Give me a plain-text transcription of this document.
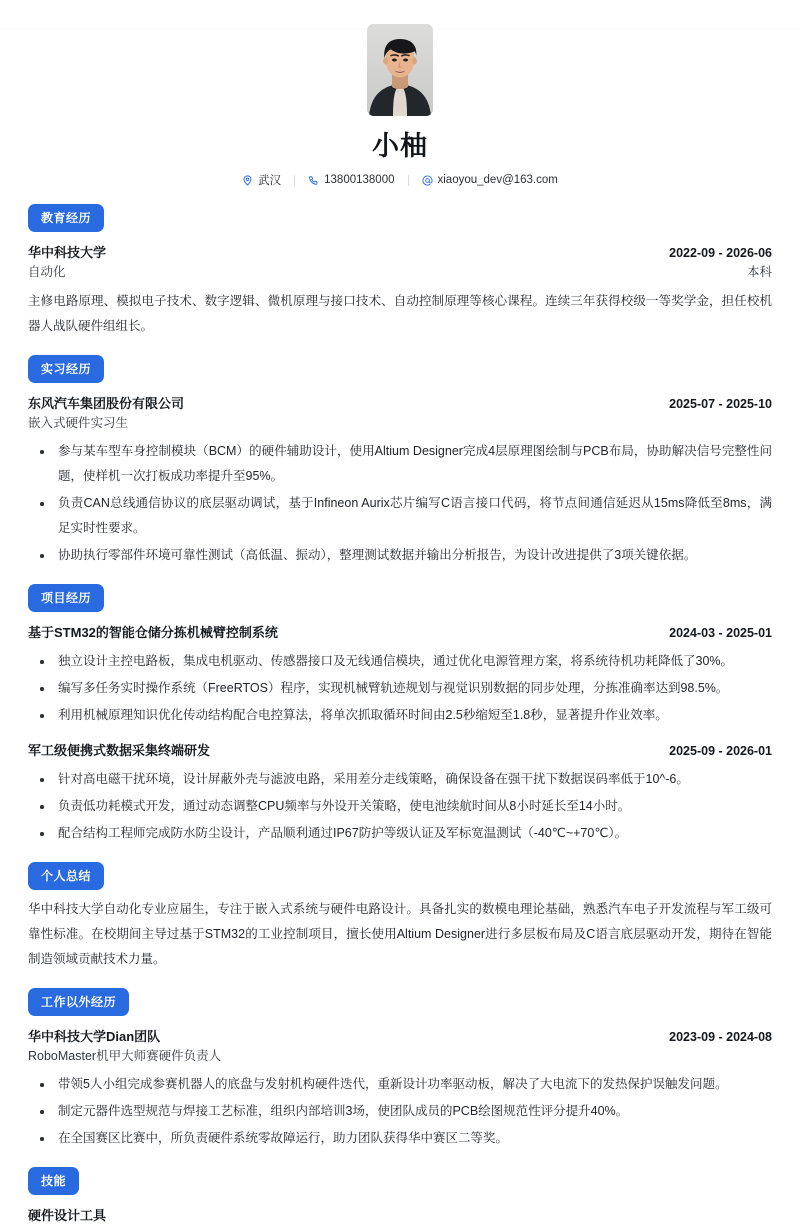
小柚
武汉	13800138000	xiaoyou_dev@163.com
教育经历
华中科技大学	2022-09 - 2026-06
自动化	本科
主修电路原理、模拟电子技术、数字逻辑、微机原理与接口技术、自动控制原理等核心课程。连续三年获得校级一等奖学金，担任校机器人战队硬件组组长。
实习经历
东风汽车集团股份有限公司	2025-07 - 2025-10
嵌入式硬件实习生
参与某车型车身控制模块（BCM）的硬件辅助设计，使用Altium Designer完成4层原理图绘制与PCB布局，协助解决信号完整性问题，使样机一次打板成功率提升至95%。
负责CAN总线通信协议的底层驱动调试，基于Infineon Aurix芯片编写C语言接口代码，将节点间通信延迟从15ms降低至8ms，满足实时性要求。
协助执行零部件环境可靠性测试（高低温、振动），整理测试数据并输出分析报告，为设计改进提供了3项关键依据。
项目经历
基于STM32的智能仓储分拣机械臂控制系统	2024-03 - 2025-01
独立设计主控电路板，集成电机驱动、传感器接口及无线通信模块，通过优化电源管理方案，将系统待机功耗降低了30%。
编写多任务实时操作系统（FreeRTOS）程序，实现机械臂轨迹规划与视觉识别数据的同步处理，分拣准确率达到98.5%。
利用机械原理知识优化传动结构配合电控算法，将单次抓取循环时间由2.5秒缩短至1.8秒，显著提升作业效率。
军工级便携式数据采集终端研发	2025-09 - 2026-01
针对高电磁干扰环境，设计屏蔽外壳与滤波电路，采用差分走线策略，确保设备在强干扰下数据误码率低于10^-6。
负责低功耗模式开发，通过动态调整CPU频率与外设开关策略，使电池续航时间从8小时延长至14小时。
配合结构工程师完成防水防尘设计，产品顺利通过IP67防护等级认证及军标宽温测试（-40℃~+70℃）。
个人总结
华中科技大学自动化专业应届生，专注于嵌入式系统与硬件电路设计。具备扎实的数模电理论基础，熟悉汽车电子开发流程与军工级可靠性标准。在校期间主导过基于STM32的工业控制项目，擅长使用Altium Designer进行多层板布局及C语言底层驱动开发，期待在智能制造领域贡献技术力量。
工作以外经历
华中科技大学Dian团队	2023-09 - 2024-08
RoboMaster机甲大师赛硬件负责人
带领5人小组完成参赛机器人的底盘与发射机构硬件迭代，重新设计功率驱动板，解决了大电流下的发热保护误触发问题。
制定元器件选型规范与焊接工艺标准，组织内部培训3场，使团队成员的PCB绘图规范性评分提升40%。
在全国赛区比赛中，所负责硬件系统零故障运行，助力团队获得华中赛区二等奖。
技能
硬件设计工具
